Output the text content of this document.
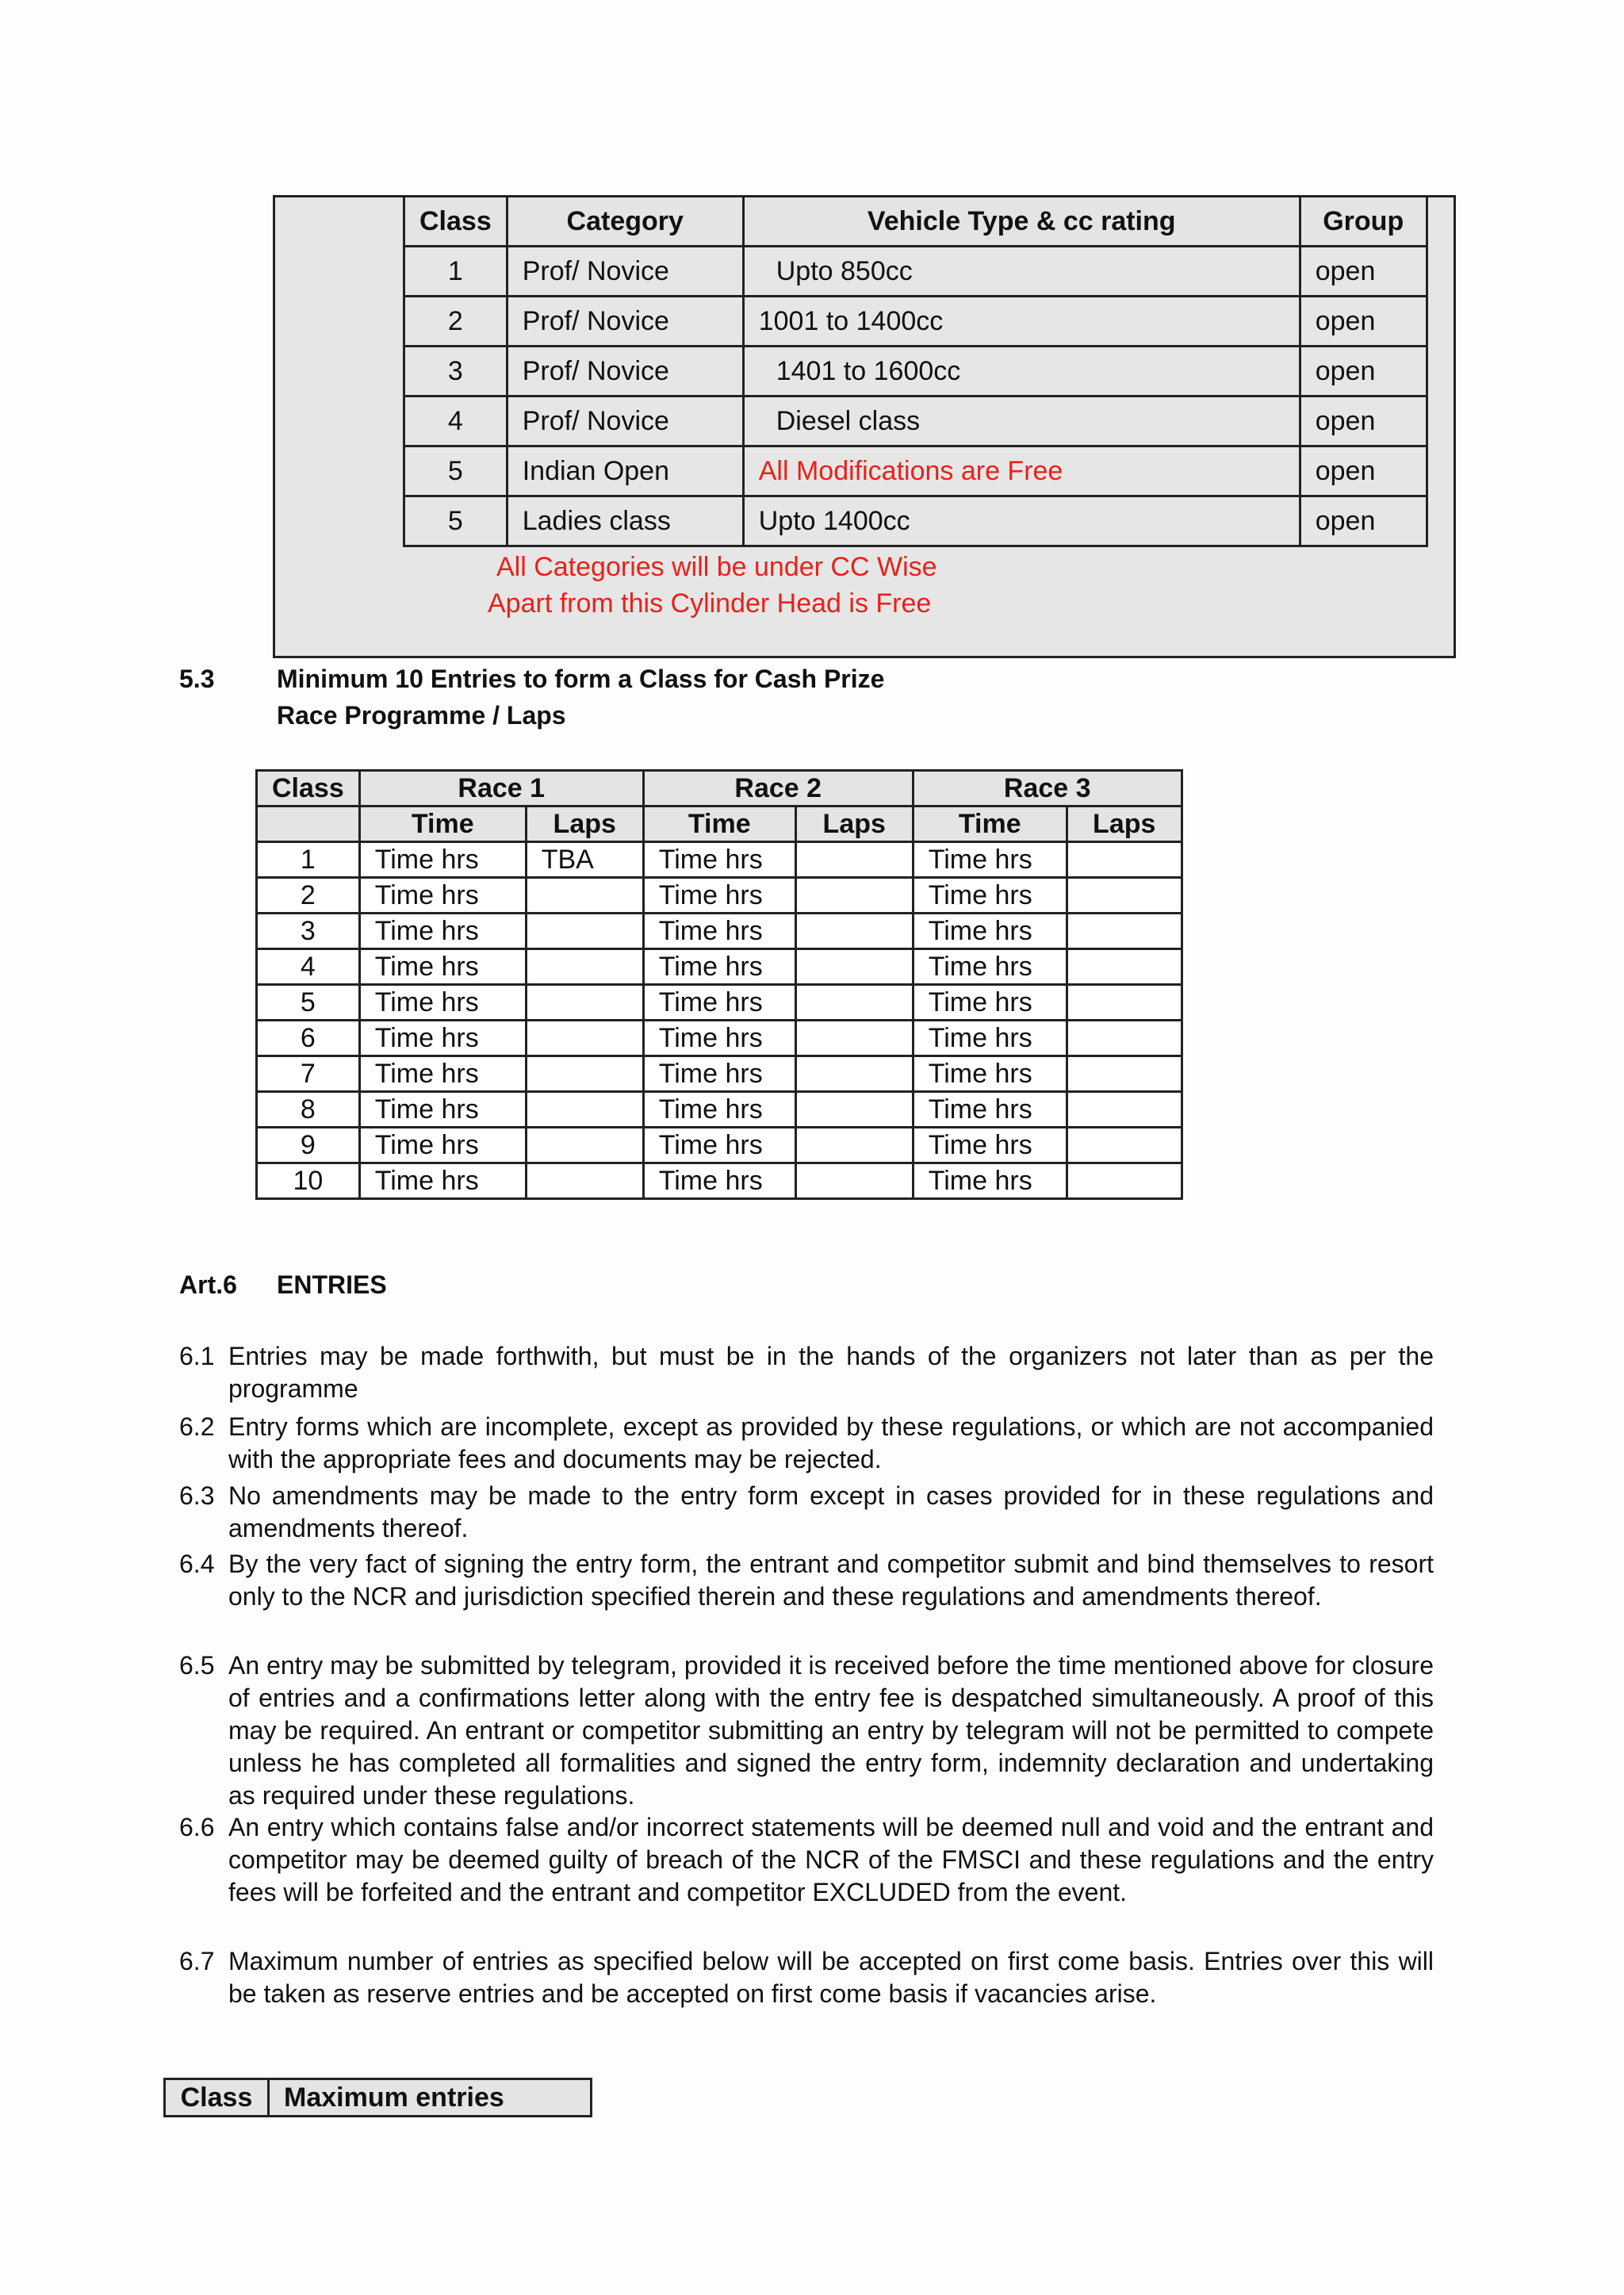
Class	Category	Vehicle Type & cc rating	Group
1	Prof/ Novice	Upto 850cc	open
2	Prof/ Novice	1001 to 1400cc	open
3	Prof/ Novice	1401 to 1600cc	open
4	Prof/ Novice	Diesel class	open
5	Indian Open	All Modifications are Free	open
5	Ladies class	Upto 1400cc	open
All Categories will be under CC Wise
Apart from this Cylinder Head is Free
5.3 Minimum 10 Entries to form a Class for Cash Prize
Race Programme / Laps
Class	Race 1		Race 2		Race 3	
	Time	Laps	Time	Laps	Time	Laps
1	Time hrs	TBA	Time hrs		Time hrs	
2	Time hrs		Time hrs		Time hrs	
3	Time hrs		Time hrs		Time hrs	
4	Time hrs		Time hrs		Time hrs	
5	Time hrs		Time hrs		Time hrs	
6	Time hrs		Time hrs		Time hrs	
7	Time hrs		Time hrs		Time hrs	
8	Time hrs		Time hrs		Time hrs	
9	Time hrs		Time hrs		Time hrs	
10	Time hrs		Time hrs		Time hrs	
Art.6 ENTRIES
6.1 Entries may be made forthwith, but must be in the hands of the organizers not later than as per the programme
6.2 Entry forms which are incomplete, except as provided by these regulations, or which are not accompanied with the appropriate fees and documents may be rejected.
6.3 No amendments may be made to the entry form except in cases provided for in these regulations and amendments thereof.
6.4 By the very fact of signing the entry form, the entrant and competitor submit and bind themselves to resort only to the NCR and jurisdiction specified therein and these regulations and amendments thereof.
6.5 An entry may be submitted by telegram, provided it is received before the time mentioned above for closure of entries and a confirmations letter along with the entry fee is despatched simultaneously. A proof of this may be required. An entrant or competitor submitting an entry by telegram will not be permitted to compete unless he has completed all formalities and signed the entry form, indemnity declaration and undertaking as required under these regulations.
6.6 An entry which contains false and/or incorrect statements will be deemed null and void and the entrant and competitor may be deemed guilty of breach of the NCR of the FMSCI and these regulations and the entry fees will be forfeited and the entrant and competitor EXCLUDED from the event.
6.7 Maximum number of entries as specified below will be accepted on first come basis. Entries over this will be taken as reserve entries and be accepted on first come basis if vacancies arise.
Class	Maximum entries
